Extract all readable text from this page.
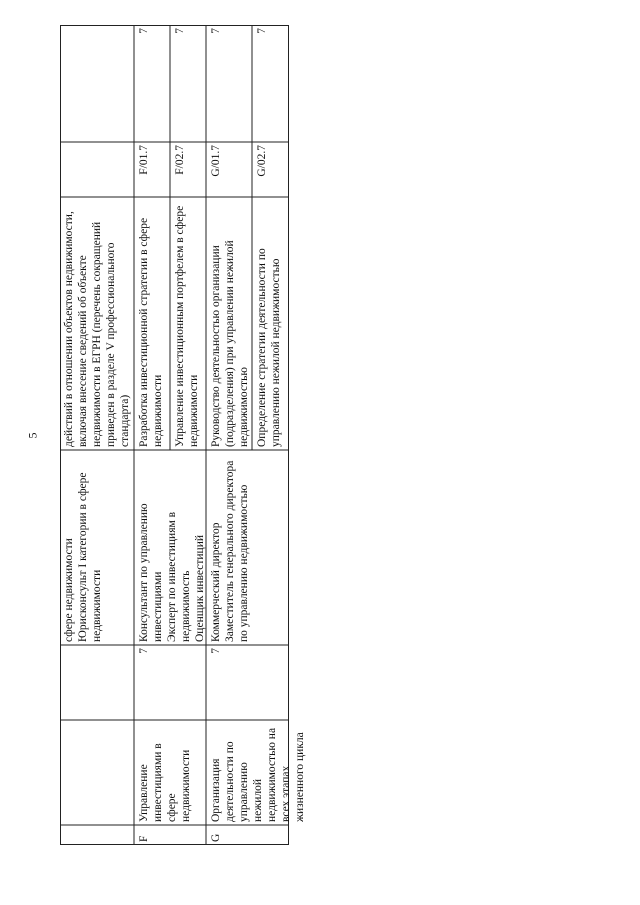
5
сфере недвижимости
Юрисконсульт I категории в сфере недвижимости
действий в отношении объектов недвижимости, включая внесение сведений об объекте недвижимости в ЕГРН (перечень сокращений приведен в разделе V профессионального стандарта)
F
Управление инвестициями в сфере недвижимости
7
Консультант по управлению инвестициями
Эксперт по инвестициям в недвижимость
Оценщик инвестиций
Разработка инвестиционной стратегии в сфере недвижимости
F/01.7
7
Управление инвестиционным портфелем в сфере недвижимости
F/02.7
7
G
Организация деятельности по управлению нежилой недвижимостью на всех этапах жизненного цикла
7
Коммерческий директор
Заместитель генерального директора по управлению недвижимостью
Руководство деятельностью организации (подразделения) при управлении нежилой недвижимостью
G/01.7
7
Определение стратегии деятельности по управлению нежилой недвижимостью
G/02.7
7
